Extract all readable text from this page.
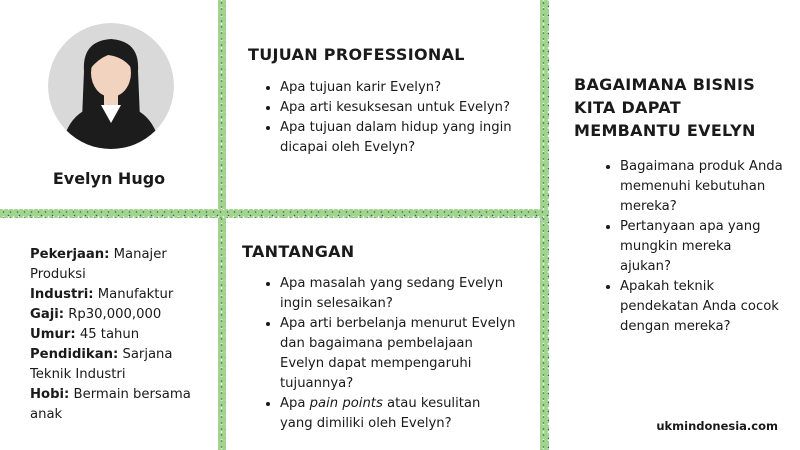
Evelyn Hugo
Pekerjaan: Manajer Produksi
Industri: Manufaktur
Gaji: Rp30,000,000
Umur: 45 tahun
Pendidikan: Sarjana Teknik Industri
Hobi: Bermain bersama anak
TUJUAN PROFESSIONAL
• Apa tujuan karir Evelyn?
• Apa arti kesuksesan untuk Evelyn?
• Apa tujuan dalam hidup yang ingin dicapai oleh Evelyn?
TANTANGAN
• Apa masalah yang sedang Evelyn ingin selesaikan?
• Apa arti berbelanja menurut Evelyn dan bagaimana pembelajaan Evelyn dapat mempengaruhi tujuannya?
• Apa pain points atau kesulitan yang dimiliki oleh Evelyn?
BAGAIMANA BISNIS KITA DAPAT MEMBANTU EVELYN
• Bagaimana produk Anda memenuhi kebutuhan mereka?
• Pertanyaan apa yang mungkin mereka ajukan?
• Apakah teknik pendekatan Anda cocok dengan mereka?
ukmindonesia.com
